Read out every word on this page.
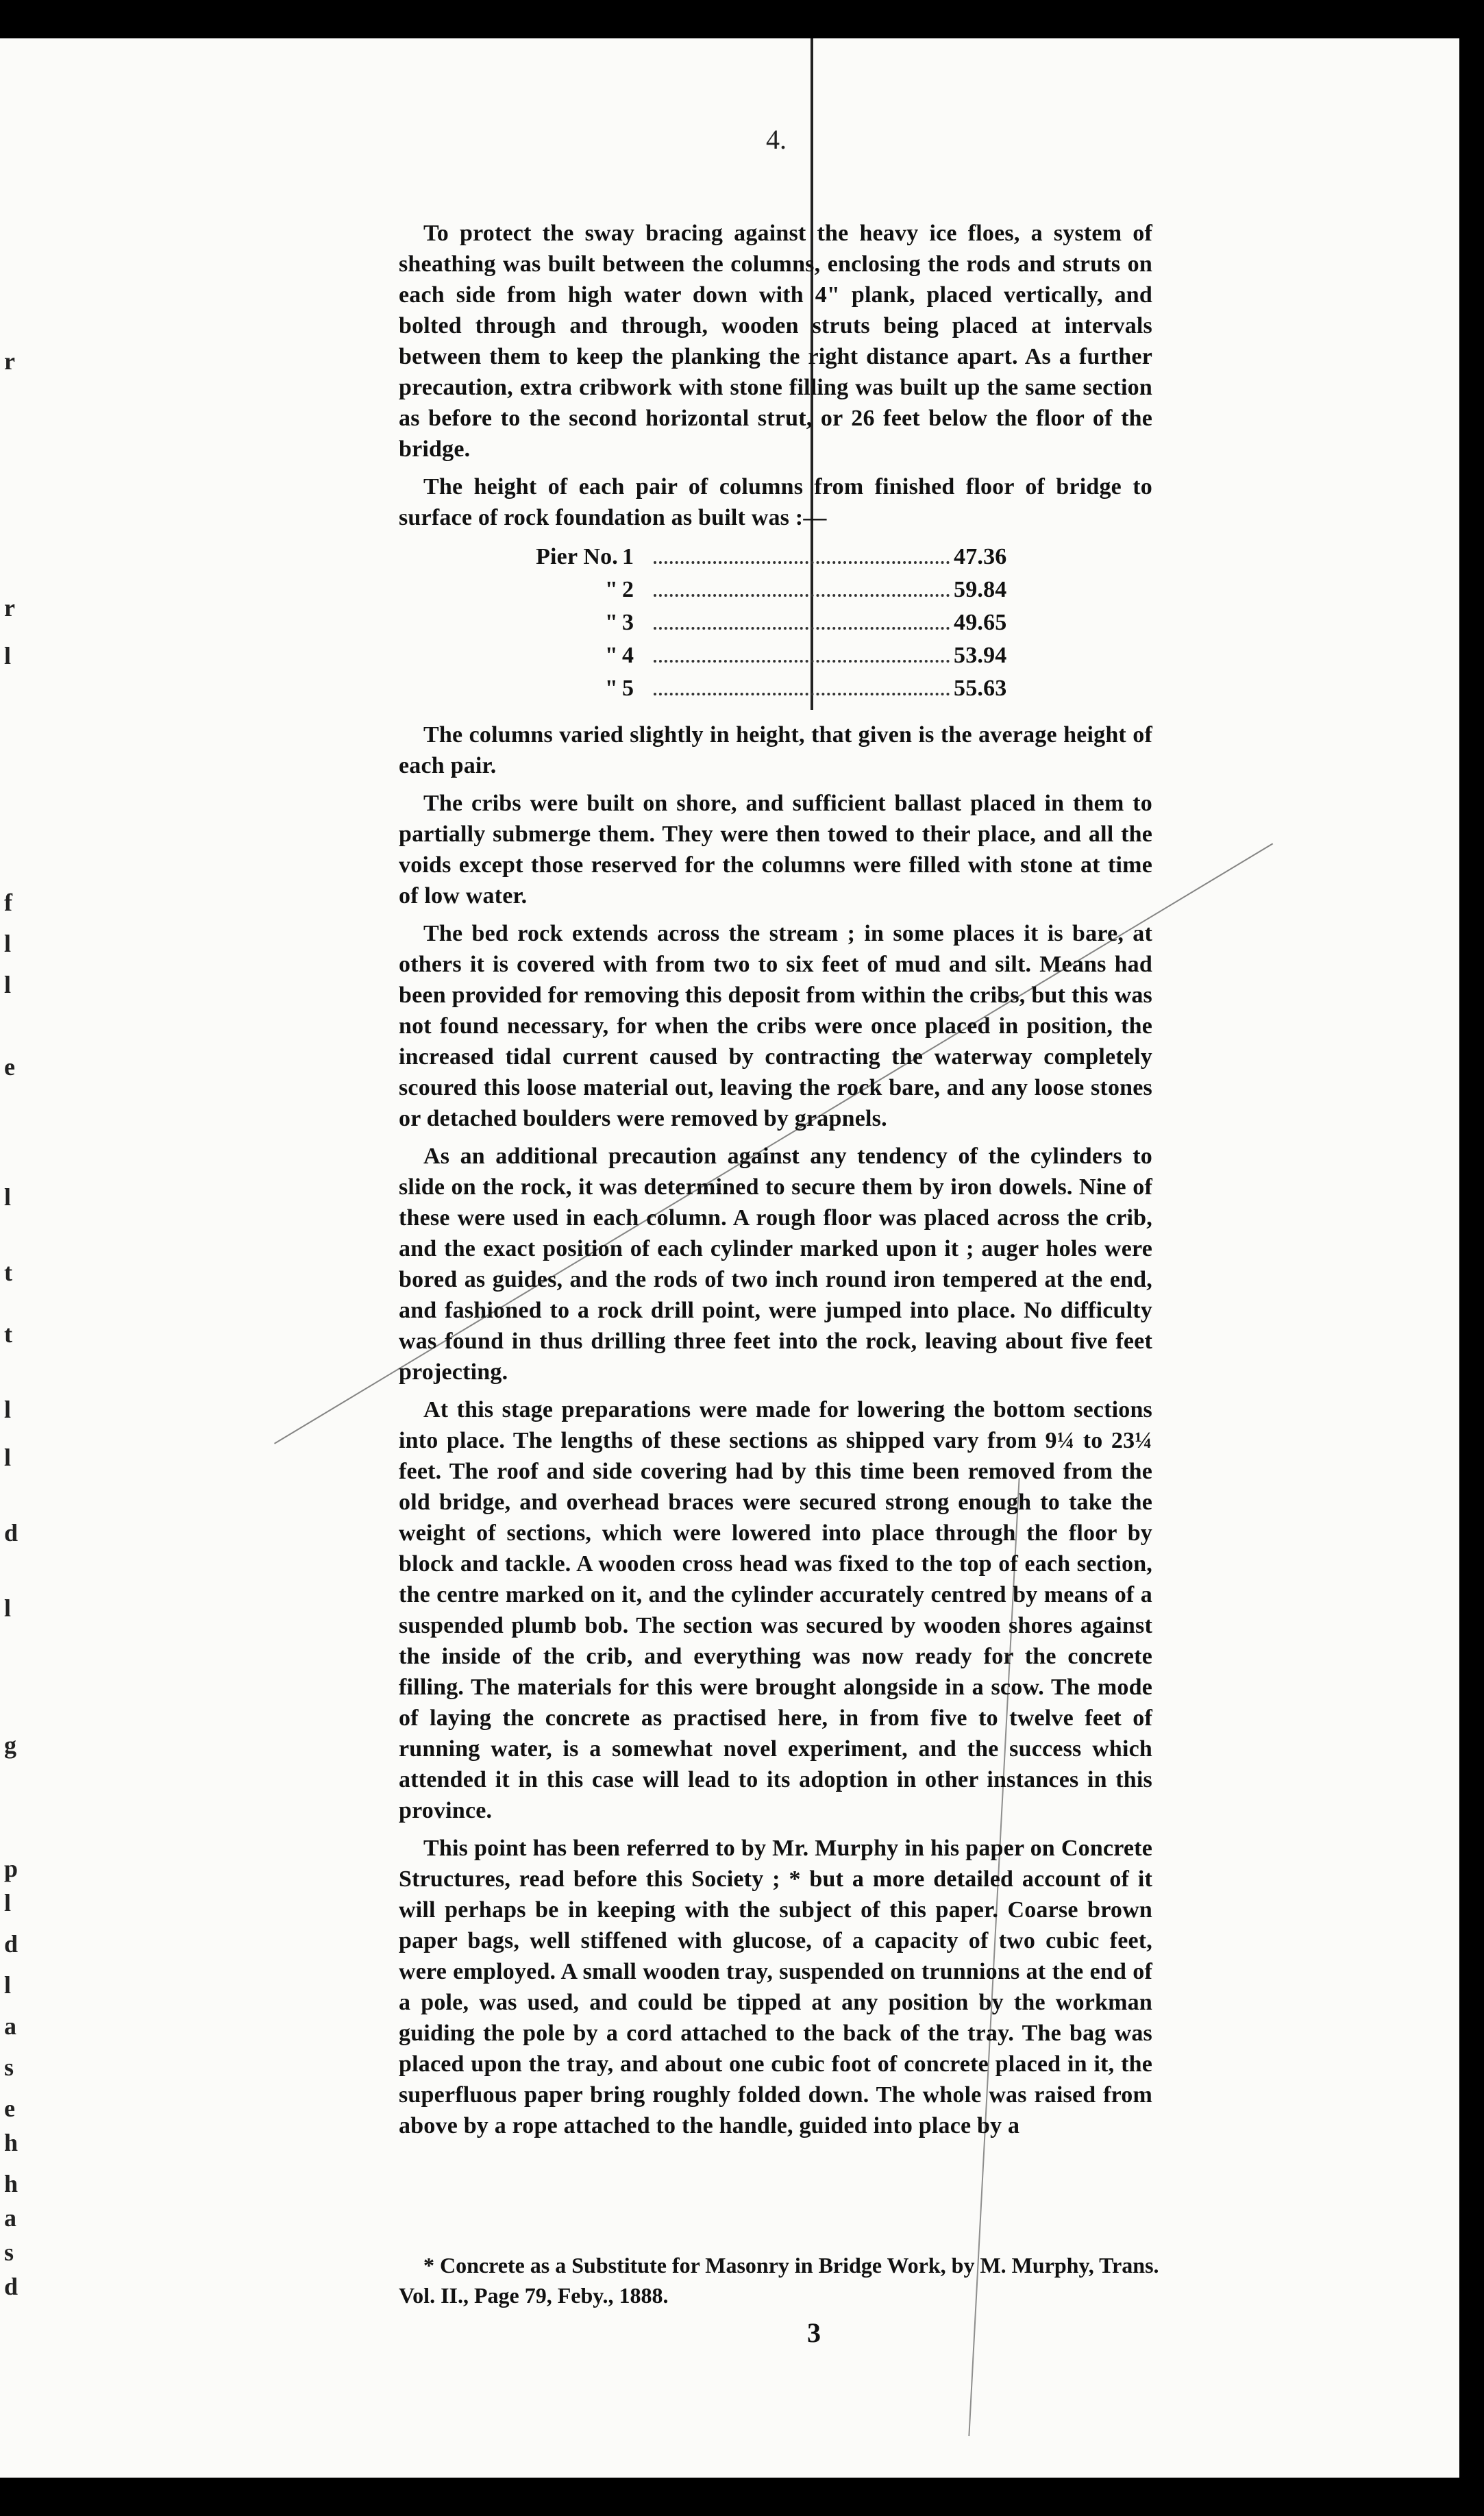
4.
r
r
l
f
l
l
e
l
t
t
l
l
d
l
g
p
l
d
l
a
s
e
h
h
a
s
d

To protect the sway bracing against the heavy ice floes, a system of sheathing was built between the columns, enclosing the rods and struts on each side from high water down with 4" plank, placed vertically, and bolted through and through, wooden struts being placed at intervals between them to keep the planking the right distance apart. As a further precaution, extra cribwork with stone filling was built up the same section as before to the second horizontal strut, or 26 feet below the floor of the bridge.

The height of each pair of columns from finished floor of bridge to surface of rock foundation as built was :—

Pier No. 1	47.36
" 2	59.84
" 3	49.65
" 4	53.94
" 5	55.63

The columns varied slightly in height, that given is the average height of each pair.

The cribs were built on shore, and sufficient ballast placed in them to partially submerge them. They were then towed to their place, and all the voids except those reserved for the columns were filled with stone at time of low water.

The bed rock extends across the stream ; in some places it is bare, at others it is covered with from two to six feet of mud and silt. Means had been provided for removing this deposit from within the cribs, but this was not found necessary, for when the cribs were once placed in position, the increased tidal current caused by contracting the waterway completely scoured this loose material out, leaving the rock bare, and any loose stones or detached boulders were removed by grapnels.

As an additional precaution against any tendency of the cylinders to slide on the rock, it was determined to secure them by iron dowels. Nine of these were used in each column. A rough floor was placed across the crib, and the exact position of each cylinder marked upon it ; auger holes were bored as guides, and the rods of two inch round iron tempered at the end, and fashioned to a rock drill point, were jumped into place. No difficulty was found in thus drilling three feet into the rock, leaving about five feet projecting.

At this stage preparations were made for lowering the bottom sections into place. The lengths of these sections as shipped vary from 9¼ to 23¼ feet. The roof and side covering had by this time been removed from the old bridge, and overhead braces were secured strong enough to take the weight of sections, which were lowered into place through the floor by block and tackle. A wooden cross head was fixed to the top of each section, the centre marked on it, and the cylinder accurately centred by means of a suspended plumb bob. The section was secured by wooden shores against the inside of the crib, and everything was now ready for the concrete filling. The materials for this were brought alongside in a scow. The mode of laying the concrete as practised here, in from five to twelve feet of running water, is a somewhat novel experiment, and the success which attended it in this case will lead to its adoption in other instances in this province.

This point has been referred to by Mr. Murphy in his paper on Concrete Structures, read before this Society ; * but a more detailed account of it will perhaps be in keeping with the subject of this paper. Coarse brown paper bags, well stiffened with glucose, of a capacity of two cubic feet, were employed. A small wooden tray, suspended on trunnions at the end of a pole, was used, and could be tipped at any position by the workman guiding the pole by a cord attached to the back of the tray. The bag was placed upon the tray, and about one cubic foot of concrete placed in it, the superfluous paper bring roughly folded down. The whole was raised from above by a rope attached to the handle, guided into place by a

* Concrete as a Substitute for Masonry in Bridge Work, by M. Murphy, Trans. Vol. II., Page 79, Feby., 1888.
3
